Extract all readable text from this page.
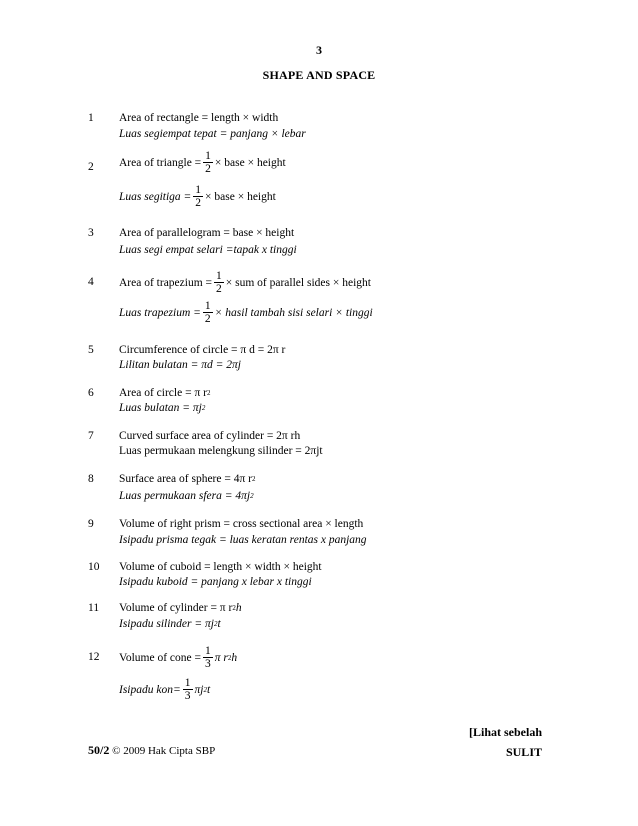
3
SHAPE AND SPACE
1 Area of rectangle = length × width
Luas segiempat tepat = panjang × lebar
2 Area of triangle = $\frac{1}{2}$ × base × height
Luas segitiga = $\frac{1}{2}$ × base × height
3 Area of parallelogram = base × height
Luas segi empat selari =tapak x tinggi
4 Area of trapezium = $\frac{1}{2}$ × sum of parallel sides × height
Luas trapezium = $\frac{1}{2}$ × hasil tambah sisi selari × tinggi
5 Circumference of circle = π d = 2π r
Lilitan bulatan = πd = 2πj
6 Area of circle = π r 2
Luas bulatan = πj 2
7 Curved surface area of cylinder = 2π rh
Luas permukaan melengkung silinder = 2πjt
8 Surface area of sphere = 4π r 2
Luas permukaan sfera = 4πj 2
9 Volume of right prism = cross sectional area × length
Isipadu prisma tegak = luas keratan rentas x panjang
10 Volume of cuboid = length × width × height
Isipadu kuboid = panjang x lebar x tinggi
11 Volume of cylinder = π r 2 h
Isipadu silinder = πj 2 t
12 Volume of cone = $\frac{1}{3}$ π r 2 h
Isipadu $kon= \frac{1}{3}$ πj 2 t
50/2 © 2009 Hak Cipta SBP
[Lihat sebelah
SULIT
